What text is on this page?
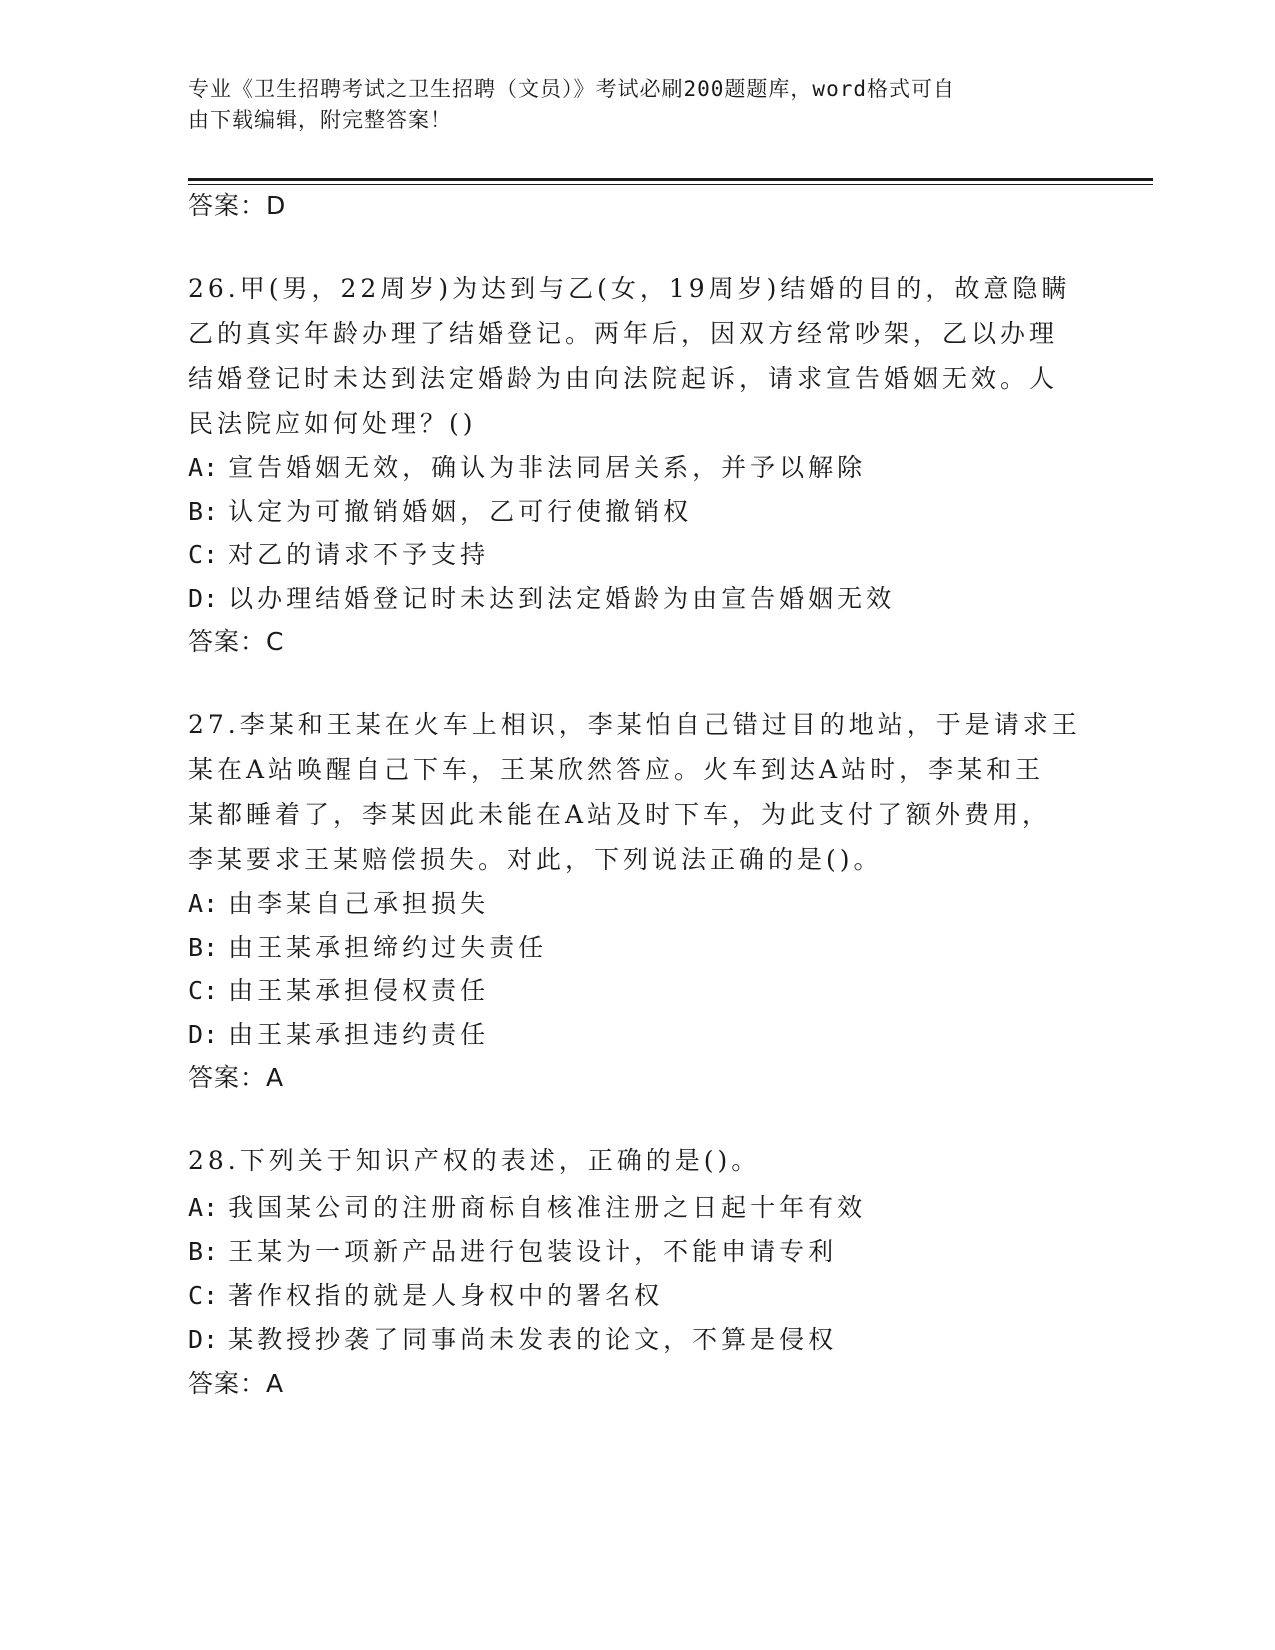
专业《卫生招聘考试之卫生招聘（文员）》考试必刷200题题库，word格式可自
由下载编辑，附完整答案！
答案：D

26.甲(男，22周岁)为达到与乙(女，19周岁)结婚的目的，故意隐瞒

乙的真实年龄办理了结婚登记。两年后，因双方经常吵架，乙以办理

结婚登记时未达到法定婚龄为由向法院起诉，请求宣告婚姻无效。人

民法院应如何处理？()

A: 宣告婚姻无效，确认为非法同居关系，并予以解除
B: 认定为可撤销婚姻，乙可行使撤销权
C: 对乙的请求不予支持
D: 以办理结婚登记时未达到法定婚龄为由宣告婚姻无效
答案：C

27.李某和王某在火车上相识，李某怕自己错过目的地站，于是请求王

某在A站唤醒自己下车，王某欣然答应。火车到达A站时，李某和王

某都睡着了，李某因此未能在A站及时下车，为此支付了额外费用，

李某要求王某赔偿损失。对此，下列说法正确的是()。

A: 由李某自己承担损失
B: 由王某承担缔约过失责任
C: 由王某承担侵权责任
D: 由王某承担违约责任
答案：A

28.下列关于知识产权的表述，正确的是()。

A: 我国某公司的注册商标自核准注册之日起十年有效
B: 王某为一项新产品进行包装设计，不能申请专利
C: 著作权指的就是人身权中的署名权
D: 某教授抄袭了同事尚未发表的论文，不算是侵权
答案：A
